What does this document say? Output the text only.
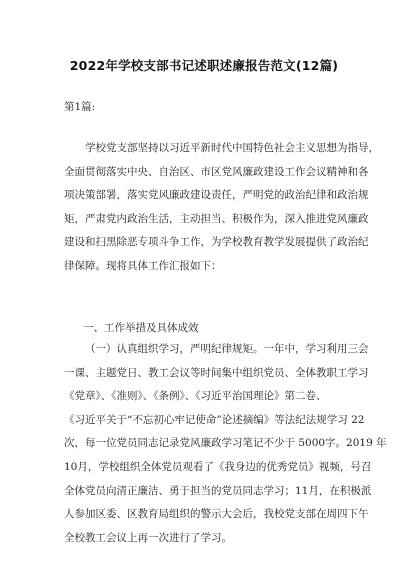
2022年学校支部书记述职述廉报告范文(12篇)
第1篇:
学校党支部坚持以习近平新时代中国特色社会主义思想为指导，
全面贯彻落实中央、自治区、市区党风廉政建设工作会议精神和各
项决策部署，落实党风廉政建设责任，严明党的政治纪律和政治规
矩，严肃党内政治生活，主动担当、积极作为，深入推进党风廉政
建设和扫黑除恶专项斗争工作，为学校教育教学发展提供了政治纪
律保障。现将具体工作汇报如下：
一、工作举措及具体成效
（一）认真组织学习，严明纪律规矩。一年中，学习利用三会
一课、主题党日、教工会议等时间集中组织党员、全体教职工学习
《党章》、《准则》、《条例》、《习近平治国理论》第二卷、
《习近平关于“不忘初心牢记使命”论述摘编》等法纪法规学习 22
次，每一位党员同志记录党风廉政学习笔记不少于 5000字。2019 年
10月，学校组织全体党员观看了《我身边的优秀党员》视频，号召
全体党员向清正廉洁、勇于担当的党员同志学习；11月，在积极派
人参加区委、区教育局组织的警示大会后，我校党支部在周四下午
全校教工会议上再一次进行了学习。
